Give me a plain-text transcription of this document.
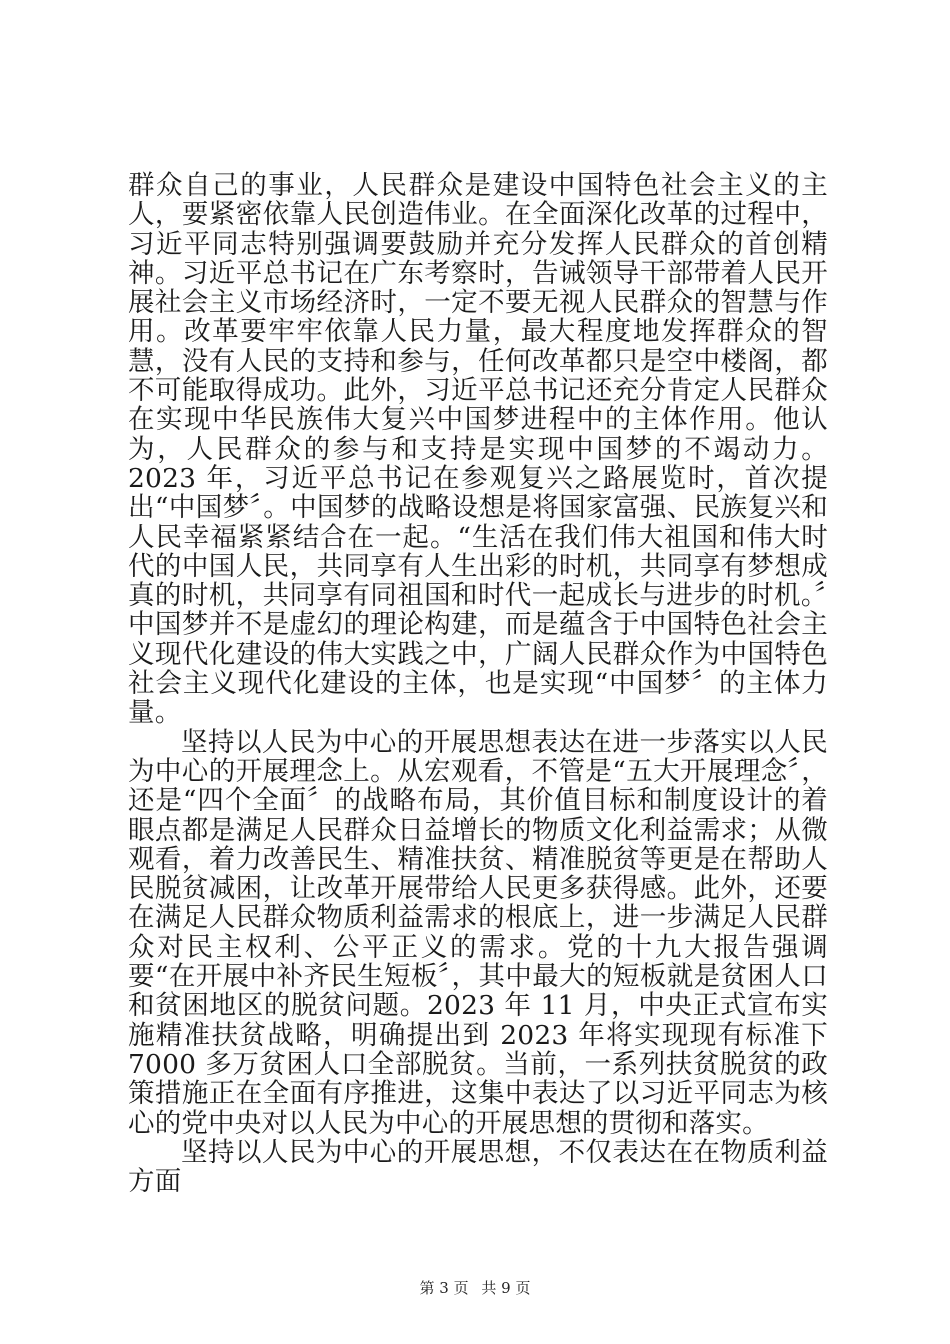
群众自己的事业，人民群众是建设中国特色社会主义的主人，要紧密依靠人民创造伟业。在全面深化改革的过程中，习近平同志特别强调要鼓励并充分发挥人民群众的首创精神。习近平总书记在广东考察时，告诫领导干部带着人民开展社会主义市场经济时，一定不要无视人民群众的智慧与作用。改革要牢牢依靠人民力量，最大程度地发挥群众的智慧，没有人民的支持和参与，任何改革都只是空中楼阁，都不可能取得成功。此外，习近平总书记还充分肯定人民群众在实现中华民族伟大复兴中国梦进程中的主体作用。他认为，人民群众的参与和支持是实现中国梦的不竭动力。2023 年，习近平总书记在参观复兴之路展览时，首次提出“中国梦〞。中国梦的战略设想是将国家富强、民族复兴和人民幸福紧紧结合在一起。“生活在我们伟大祖国和伟大时代的中国人民，共同享有人生出彩的时机，共同享有梦想成真的时机，共同享有同祖国和时代一起成长与进步的时机。〞中国梦并不是虚幻的理论构建，而是蕴含于中国特色社会主义现代化建设的伟大实践之中，广阔人民群众作为中国特色社会主义现代化建设的主体，也是实现“中国梦〞的主体力量。

坚持以人民为中心的开展思想表达在进一步落实以人民为中心的开展理念上。从宏观看，不管是“五大开展理念〞，还是“四个全面〞的战略布局，其价值目标和制度设计的着眼点都是满足人民群众日益增长的物质文化利益需求；从微观看，着力改善民生、精准扶贫、精准脱贫等更是在帮助人民脱贫减困，让改革开展带给人民更多获得感。此外，还要在满足人民群众物质利益需求的根底上，进一步满足人民群众对民主权利、公平正义的需求。党的十九大报告强调要“在开展中补齐民生短板〞，其中最大的短板就是贫困人口和贫困地区的脱贫问题。2023 年 11 月，中央正式宣布实施精准扶贫战略，明确提出到 2023 年将实现现有标准下 7000 多万贫困人口全部脱贫。当前，一系列扶贫脱贫的政策措施正在全面有序推进，这集中表达了以习近平同志为核心的党中央对以人民为中心的开展思想的贯彻和落实。

坚持以人民为中心的开展思想，不仅表达在在物质利益方面

第 3 页 共 9 页
